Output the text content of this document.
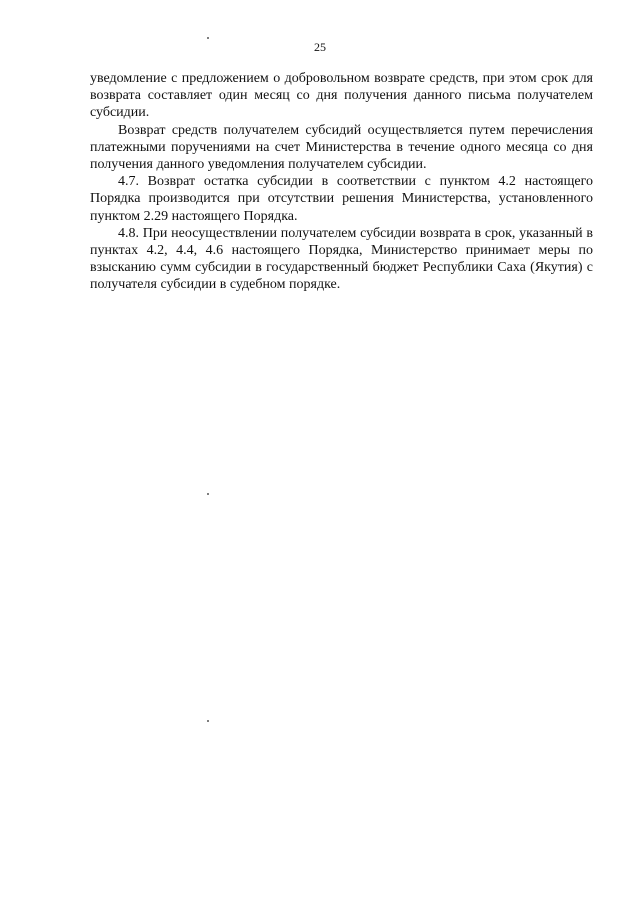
25

уведомление с предложением о добровольном возврате средств, при этом срок для возврата составляет один месяц со дня получения данного письма получателем субсидии.

Возврат средств получателем субсидий осуществляется путем перечисления платежными поручениями на счет Министерства в течение одного месяца со дня получения данного уведомления получателем субсидии.

4.7. Возврат остатка субсидии в соответствии с пунктом 4.2 настоящего Порядка производится при отсутствии решения Министерства, установленного пунктом 2.29 настоящего Порядка.

4.8. При неосуществлении получателем субсидии возврата в срок, указанный в пунктах 4.2, 4.4, 4.6 настоящего Порядка, Министерство принимает меры по взысканию сумм субсидии в государственный бюджет Республики Саха (Якутия) с получателя субсидии в судебном порядке.
